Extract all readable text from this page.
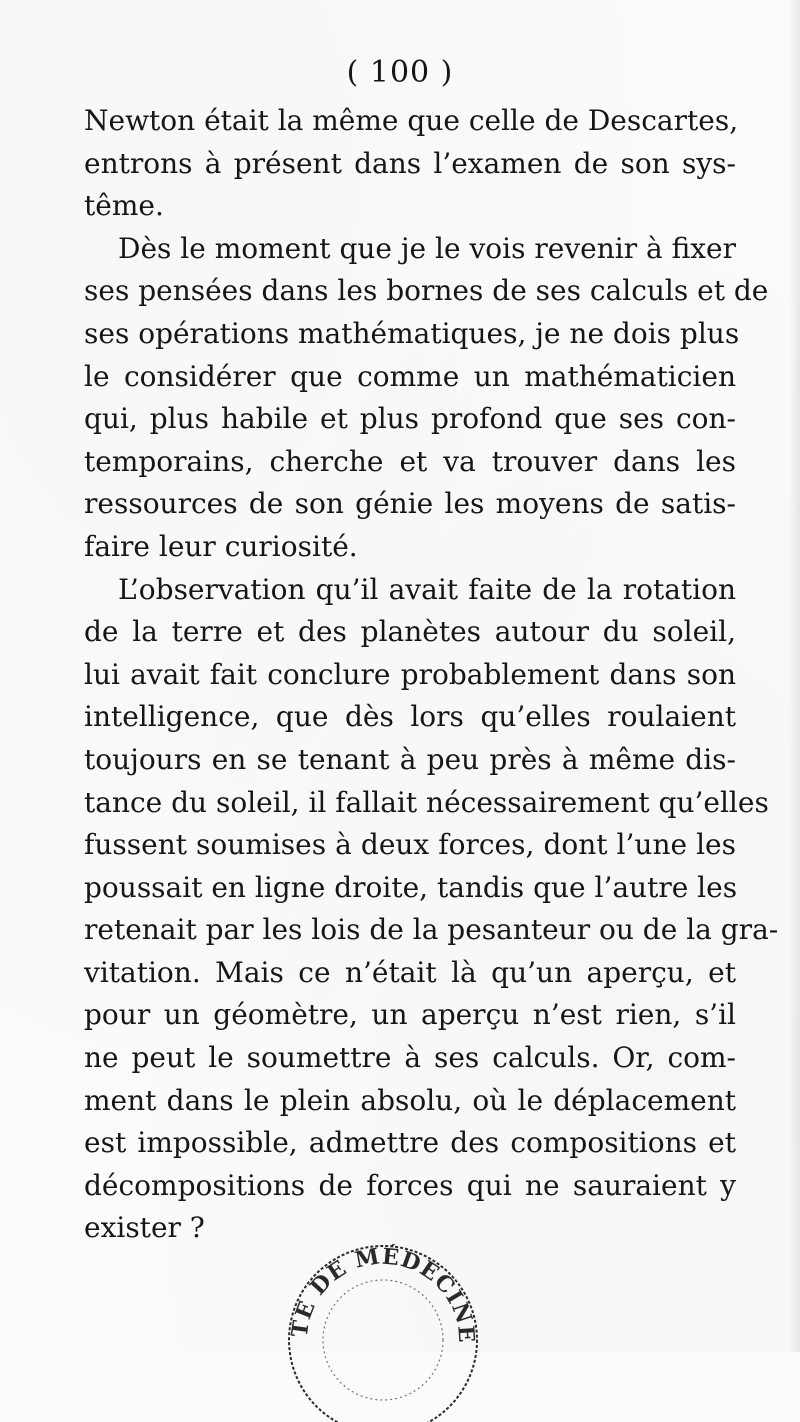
( 100 )
Newton était la même que celle de Descartes,
entrons à présent dans l’examen de son sys-
tême.
Dès le moment que je le vois revenir à fixer
ses pensées dans les bornes de ses calculs et de
ses opérations mathématiques, je ne dois plus
le considérer que comme un mathématicien
qui, plus habile et plus profond que ses con-
temporains, cherche et va trouver dans les
ressources de son génie les moyens de satis-
faire leur curiosité.
L’observation qu’il avait faite de la rotation
de la terre et des planètes autour du soleil,
lui avait fait conclure probablement dans son
intelligence, que dès lors qu’elles roulaient
toujours en se tenant à peu près à même dis-
tance du soleil, il fallait nécessairement qu’elles
fussent soumises à deux forces, dont l’une les
poussait en ligne droite, tandis que l’autre les
retenait par les lois de la pesanteur ou de la gra-
vitation. Mais ce n’était là qu’un aperçu, et
pour un géomètre, un aperçu n’est rien, s’il
ne peut le soumettre à ses calculs. Or, com-
ment dans le plein absolu, où le déplacement
est impossible, admettre des compositions et
décompositions de forces qui ne sauraient y
exister ?
TE DE MÉDECINE DE
